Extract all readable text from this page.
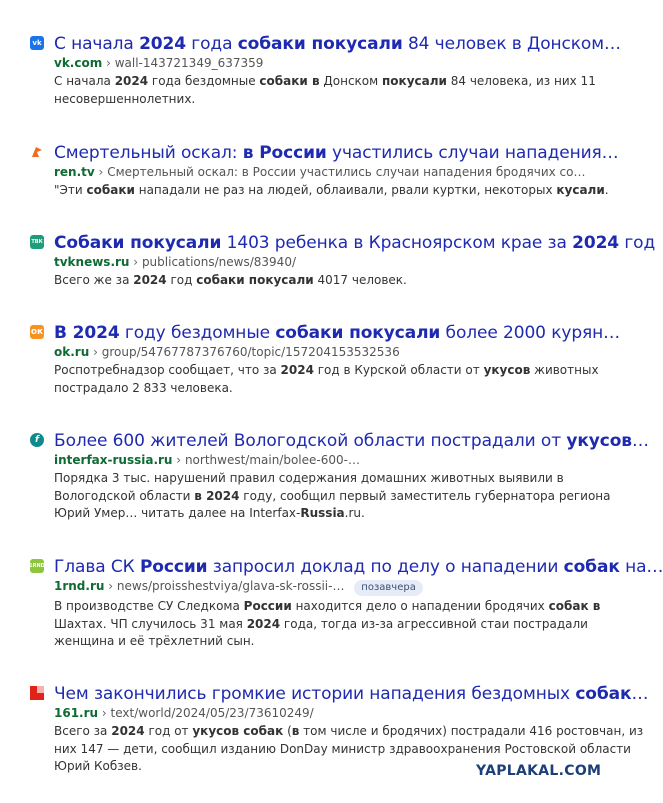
vk С начала 2024 года собаки покусали 84 человек в Донском…
vk.com › wall-143721349_637359
С начала 2024 года бездомные собаки в Донском покусали 84 человека, из них 11
несовершеннолетних.
Смертельный оскал: в России участились случаи нападения…
ren.tv › Смертельный оскал: в России участились случаи нападения бродячих со…
"Эти собаки нападали не раз на людей, облаивали, рвали куртки, некоторых кусали.
ТВК Собаки покусали 1403 ребенка в Красноярском крае за 2024 год
tvknews.ru › publications/news/83940/
Всего же за 2024 год собаки покусали 4017 человек.
ок В 2024 году бездомные собаки покусали более 2000 курян…
ok.ru › group/54767787376760/topic/157204153532536
Роспотребнадзор сообщает, что за 2024 год в Курской области от укусов животных
пострадало 2 833 человека.
f Более 600 жителей Вологодской области пострадали от укусов…
interfax-russia.ru › northwest/main/bolee-600-…
Порядка 3 тыс. нарушений правил содержания домашних животных выявили в
Вологодской области в 2024 году, сообщил первый заместитель губернатора региона
Юрий Умер… читать далее на Interfax-Russia.ru.
1RND Глава СК России запросил доклад по делу о нападении собак на…
1rnd.ru › news/proisshestviya/glava-sk-rossii-… позавчера
В производстве СУ Следкома России находится дело о нападении бродячих собак в
Шахтах. ЧП случилось 31 мая 2024 года, тогда из-за агрессивной стаи пострадали
женщина и её трёхлетний сын.
Чем закончились громкие истории нападения бездомных собак…
161.ru › text/world/2024/05/23/73610249/
Всего за 2024 год от укусов собак (в том числе и бродячих) пострадали 416 ростовчан, из
них 147 — дети, сообщил изданию DonDay министр здравоохранения Ростовской области
Юрий Кобзев.	YAPLAKAL.COM
